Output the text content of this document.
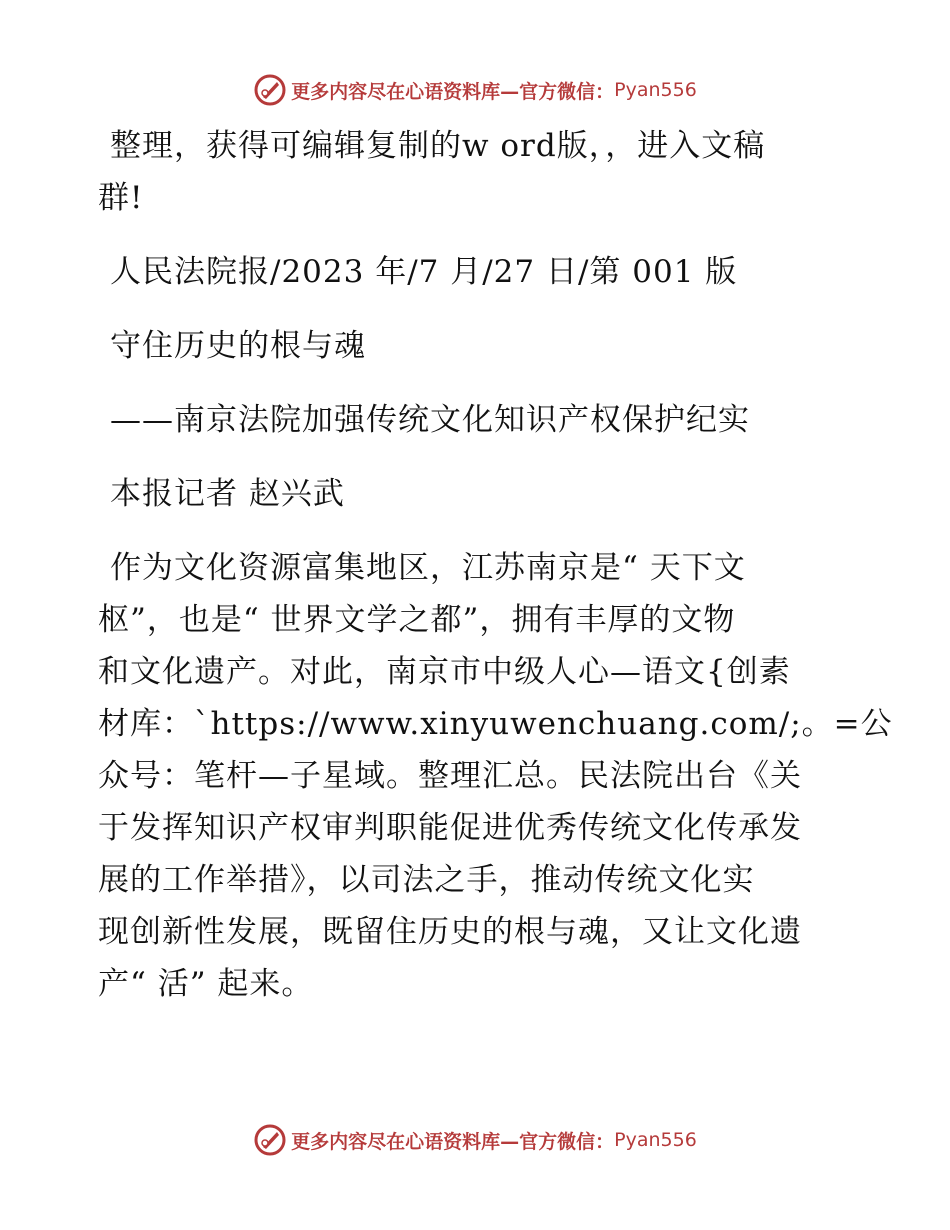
更多内容尽在心语资料库—官方微信： Pyan556
整理，获得可编辑复制的w ord版，，进入文稿
群!
人民法院报/2023 年/7 月/27 日/第 001 版
守住历史的根与魂
——南京法院加强传统文化知识产权保护纪实
本报记者 赵兴武
作为文化资源富集地区，江苏南京是“ 天下文
枢”，也是“ 世界文学之都”，拥有丰厚的文物
和文化遗产。对此，南京市中级人心—语文{创素
材库：`https://www.xinyuwenchuang.com/;。=公
众号：笔杆—子星域。整理汇总。民法院出台《关
于发挥知识产权审判职能促进优秀传统文化传承发
展的工作举措》，以司法之手，推动传统文化实
现创新性发展，既留住历史的根与魂，又让文化遗
产“ 活” 起来。
更多内容尽在心语资料库—官方微信： Pyan556
